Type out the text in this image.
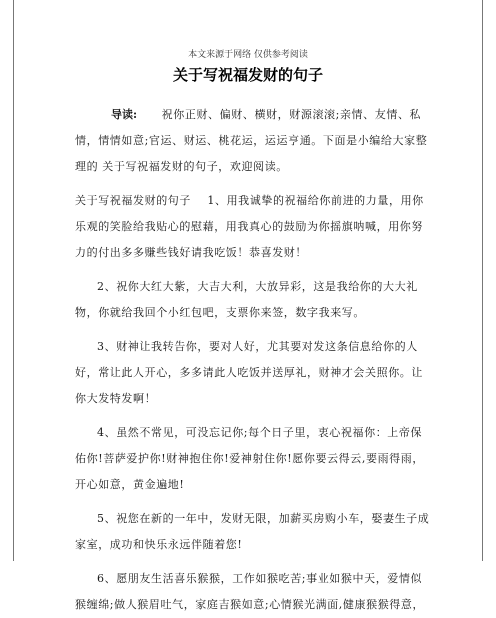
本文来源于网络 仅供参考阅读
关于写祝福发财的句子

导读: 祝你正财、偏财、横财，财源滚滚;亲情、友情、私情，情情如意;官运、财运、桃花运，运运亨通。下面是小编给大家整理的 关于写祝福发财的句子，欢迎阅读。

关于写祝福发财的句子    1、用我诚挚的祝福给你前进的力量，用你乐观的笑脸给我贴心的慰藉，用我真心的鼓励为你摇旗呐喊，用你努力的付出多多赚些钱好请我吃饭！恭喜发财！

2、祝你大红大紫，大吉大利，大放异彩，这是我给你的大大礼物，你就给我回个小红包吧，支票你来签，数字我来写。

3、财神让我转告你，要对人好，尤其要对发这条信息给你的人好，常让此人开心，多多请此人吃饭并送厚礼，财神才会关照你。让你大发特发啊！

4、虽然不常见，可没忘记你;每个日子里，衷心祝福你：上帝保佑你!菩萨爱护你!财神抱住你!爱神射住你!愿你要云得云,要雨得雨，开心如意，黄金遍地!

5、祝您在新的一年中，发财无限，加薪买房购小车，娶妻生子成家室，成功和快乐永远伴随着您!

6、愿朋友生活喜乐猴猴，工作如猴吃苦;事业如猴中天，爱情似猴缠绵;做人猴眉吐气，家庭吉猴如意;心情猴光满面,健康猴猴得意，
